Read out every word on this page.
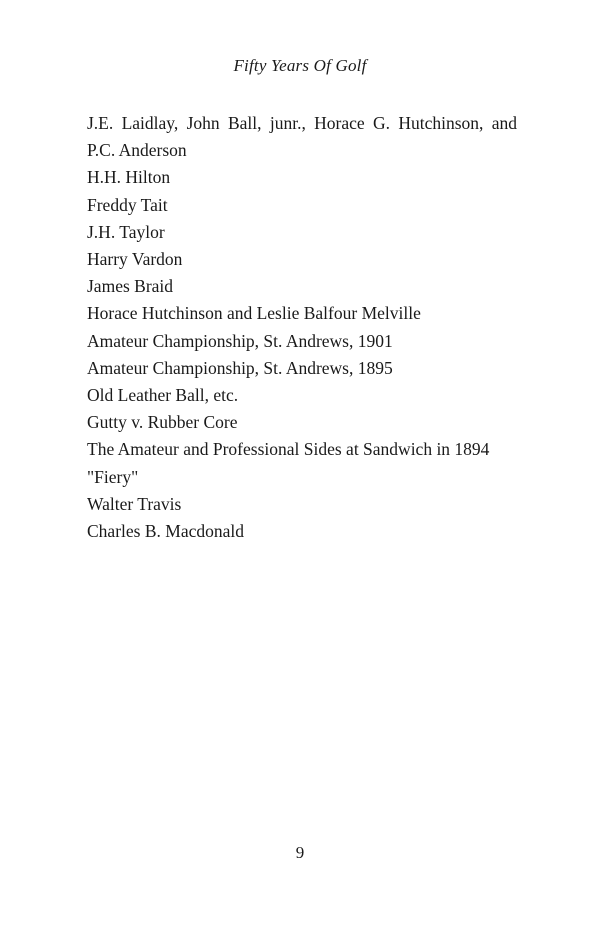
Fifty Years Of Golf
J.E. Laidlay, John Ball, junr., Horace G. Hutchinson, and P.C. Anderson
H.H. Hilton
Freddy Tait
J.H. Taylor
Harry Vardon
James Braid
Horace Hutchinson and Leslie Balfour Melville
Amateur Championship, St. Andrews, 1901
Amateur Championship, St. Andrews, 1895
Old Leather Ball, etc.
Gutty v. Rubber Core
The Amateur and Professional Sides at Sandwich in 1894
"Fiery"
Walter Travis
Charles B. Macdonald
9
